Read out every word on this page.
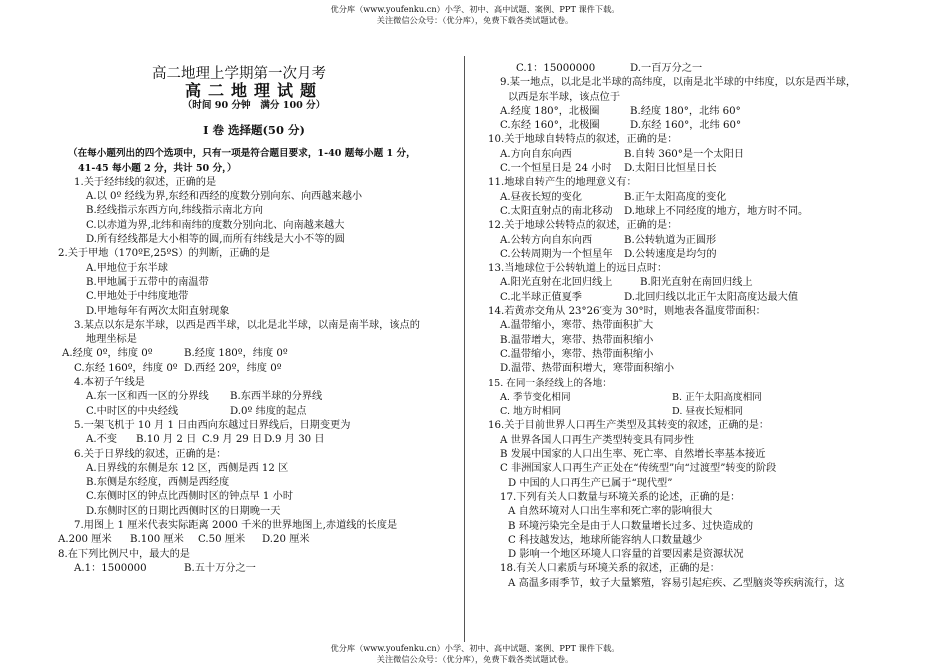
优分库（www.youfenku.cn）小学、初中、高中试题、案例、PPT 课件下载。
关注微信公众号：（优分库），免费下载各类试题试卷。
高二地理上学期第一次月考
高二地理试题
（时间 90 分钟　满分 100 分）
Ⅰ 卷 选择题(50 分)
（在每小题列出的四个选项中，只有一项是符合题目要求，1-40 题每小题 1 分，
41-45 每小题 2 分，共计 50 分，）
1.关于经纬线的叙述，正确的是
A.以 0º 经线为界,东经和西经的度数分别向东、向西越来越小
B.经线指示东西方向,纬线指示南北方向
C.以赤道为界,北纬和南纬的度数分别向北、向南越来越大
D.所有经线都是大小相等的圆,而所有纬线是大小不等的圆
2.关于甲地（170ºE,25ºS）的判断，正确的是
A.甲地位于东半球
B.甲地属于五带中的南温带
C.甲地处于中纬度地带
D.甲地每年有两次太阳直射现象
3.某点以东是东半球，以西是西半球，以北是北半球，以南是南半球，该点的
地理坐标是
A.经度 0º，纬度 0º	B.经度 180º，纬度 0º
C.东经 160º，纬度 0º D.西经 20º，纬度 0º
4.本初子午线是
A.东一区和西一区的分界线 B.东西半球的分界线
C.中时区的中央经线	D.0º 纬度的起点
5.一架飞机于 10 月 1 日由西向东越过日界线后，日期变更为
A.不变 B.10 月 2 日 C.9 月 29 日 D.9 月 30 日
6.关于日界线的叙述，正确的是：
A.日界线的东侧是东 12 区，西侧是西 12 区
B.东侧是东经度，西侧是西经度
C.东侧时区的钟点比西侧时区的钟点早 1 小时
D.东侧时区的日期比西侧时区的日期晚一天
7.用图上 1 厘米代表实际距离 2000 千米的世界地图上,赤道线的长度是
A.200 厘米 B.100 厘米 C.50 厘米 D.20 厘米
8.在下列比例尺中，最大的是
A.1：1500000	B.五十万分之一
C.1：15000000	D.一百万分之一
9.某一地点，以北是北半球的高纬度，以南是北半球的中纬度，以东是西半球，
以西是东半球，该点位于
A.经度 180°，北极圈	B.经度 180°，北纬 60°
C.东经 160°，北极圈	D.东经 160°，北纬 60°
10.关于地球自转特点的叙述，正确的是：
A.方向自东向西	B.自转 360°是一个太阳日
C.一个恒星日是 24 小时 D.太阳日比恒星日长
11.地球自转产生的地理意义有：
A.昼夜长短的变化	B.正午太阳高度的变化
C.太阳直射点的南北移动 D.地球上不同经度的地方，地方时不同。
12.关于地球公转特点的叙述，正确的是：
A.公转方向自东向西	B.公转轨道为正圆形
C.公转周期为一个恒星年 D.公转速度是均匀的
13.当地球位于公转轨道上的远日点时：
A.阳光直射在北回归线上	B.阳光直射在南回归线上
C.北半球正值夏季	D.北回归线以北正午太阳高度达最大值
14.若黄赤交角从 23°26′变为 30°时，则地表各温度带面积：
A.温带缩小，寒带、热带面积扩大
B.温带增大，寒带、热带面积缩小
C.温带缩小，寒带、热带面积缩小
D.温带、热带面积增大，寒带面积缩小
15. 在同一条经线上的各地：
A. 季节变化相同	B. 正午太阳高度相同
C. 地方时相同	D. 昼夜长短相同
16.关于目前世界人口再生产类型及其转变的叙述，正确的是：
A 世界各国人口再生产类型转变具有同步性
B 发展中国家的人口出生率、死亡率、自然增长率基本接近
C 非洲国家人口再生产正处在“传统型”向“过渡型”转变的阶段
D 中国的人口再生产已属于“现代型”
17.下列有关人口数量与环境关系的论述，正确的是：
A 自然环境对人口出生率和死亡率的影响很大
B 环境污染完全是由于人口数量增长过多、过快造成的
C 科技越发达，地球所能容纳人口数量越少
D 影响一个地区环境人口容量的首要因素是资源状况
18.有关人口素质与环境关系的叙述，正确的是：
A 高温多雨季节，蚊子大量繁殖，容易引起疟疾、乙型脑炎等疾病流行，这
优分库（www.youfenku.cn）小学、初中、高中试题、案例、PPT 课件下载。
关注微信公众号：（优分库），免费下载各类试题试卷。
